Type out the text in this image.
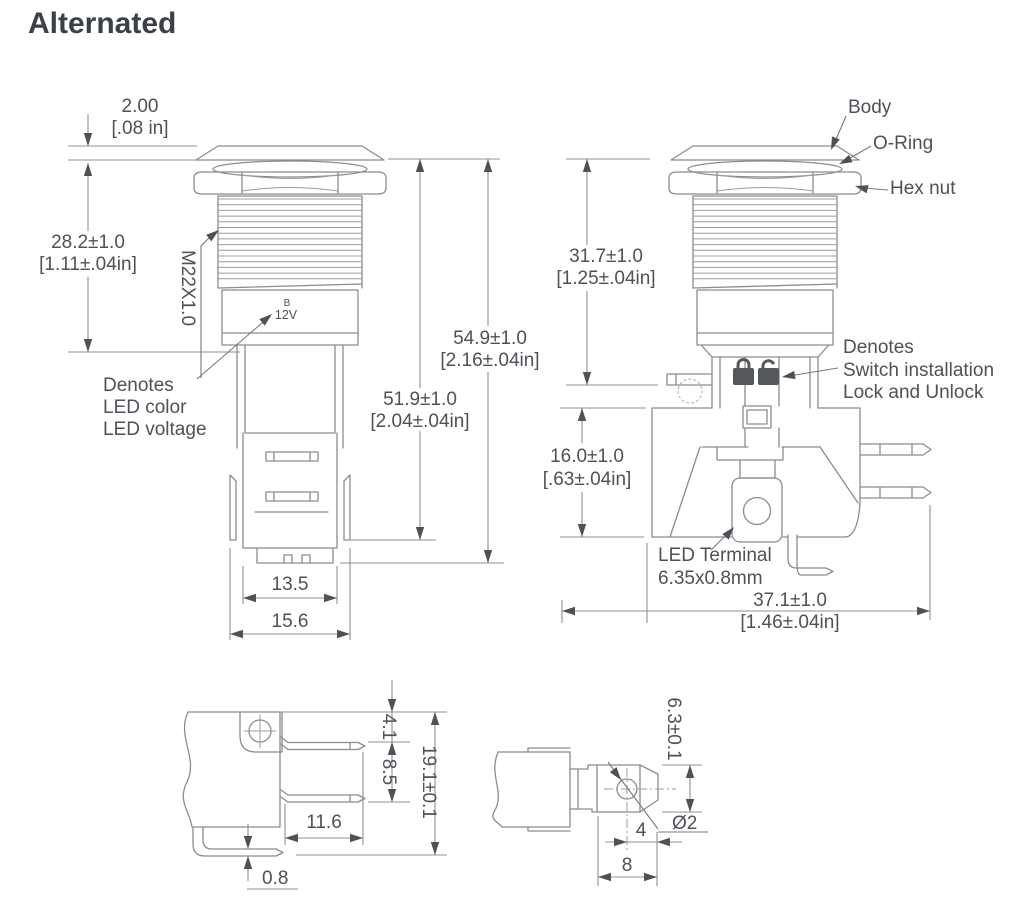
Alternated
B
12V
2.00
[.08 in]
28.2±1.0
[1.11±.04in] M22X1.0
Denotes
LED color
LED voltage
13.5
15.6
51.9±1.0
[2.04±.04in]
54.9±1.0
[2.16±.04in]
Body
O-Ring
Hex nut
31.7±1.0
[1.25±.04in]
Denotes
Switch installation
Lock and Unlock
16.0±1.0
[.63±.04in]
LED Terminal
6.35x0.8mm
37.1±1.0
[1.46±.04in]
4.1
8.5 19.1±0.1
11.6
0.8
6.3±0.1
Ø2
4
8
